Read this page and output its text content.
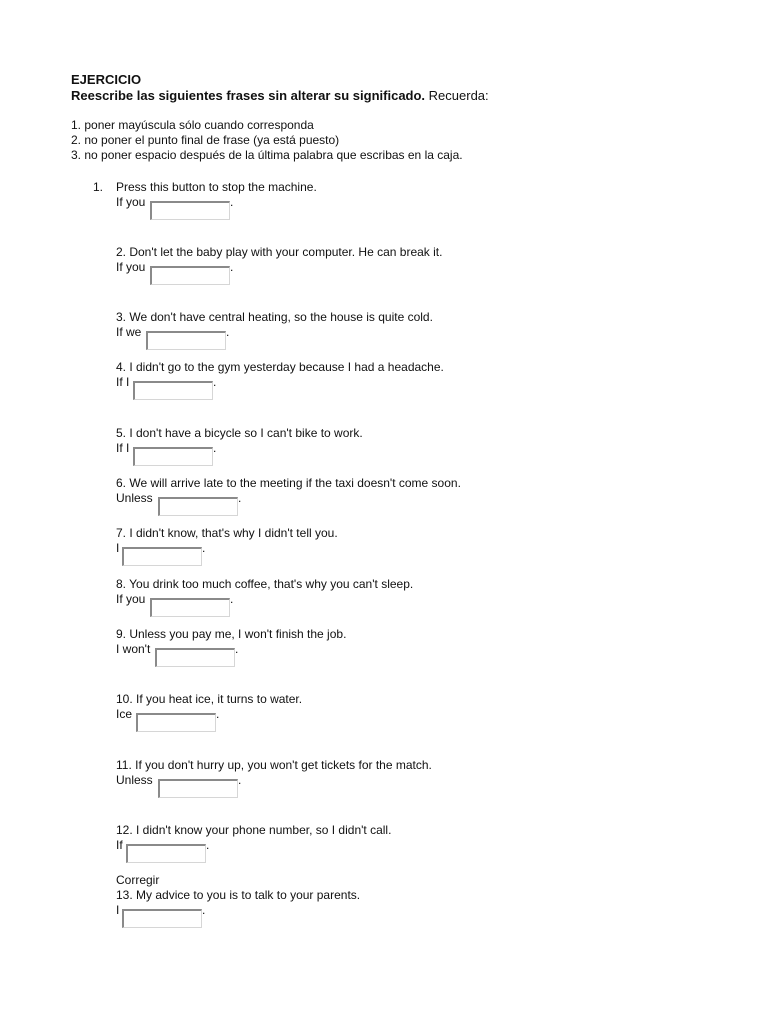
EJERCICIO
Reescribe las siguientes frases sin alterar su significado. Recuerda:
1. poner mayúscula sólo cuando corresponda
2. no poner el punto final de frase (ya está puesto)
3. no poner espacio después de la última palabra que escribas en la caja.
1. Press this button to stop the machine.
If you	.
2. Don't let the baby play with your computer. He can break it.
If you	.
3. We don't have central heating, so the house is quite cold.
If we	.
4. I didn't go to the gym yesterday because I had a headache.
If I	.
5. I don't have a bicycle so I can't bike to work.
If I	.
6. We will arrive late to the meeting if the taxi doesn't come soon.
Unless	.
7. I didn't know, that's why I didn't tell you.
I	.
8. You drink too much coffee, that's why you can't sleep.
If you	.
9. Unless you pay me, I won't finish the job.
I won't	.
10. If you heat ice, it turns to water.
Ice	.
11. If you don't hurry up, you won't get tickets for the match.
Unless	.
12. I didn't know your phone number, so I didn't call.
If	.
Corregir
13. My advice to you is to talk to your parents.
I	.
